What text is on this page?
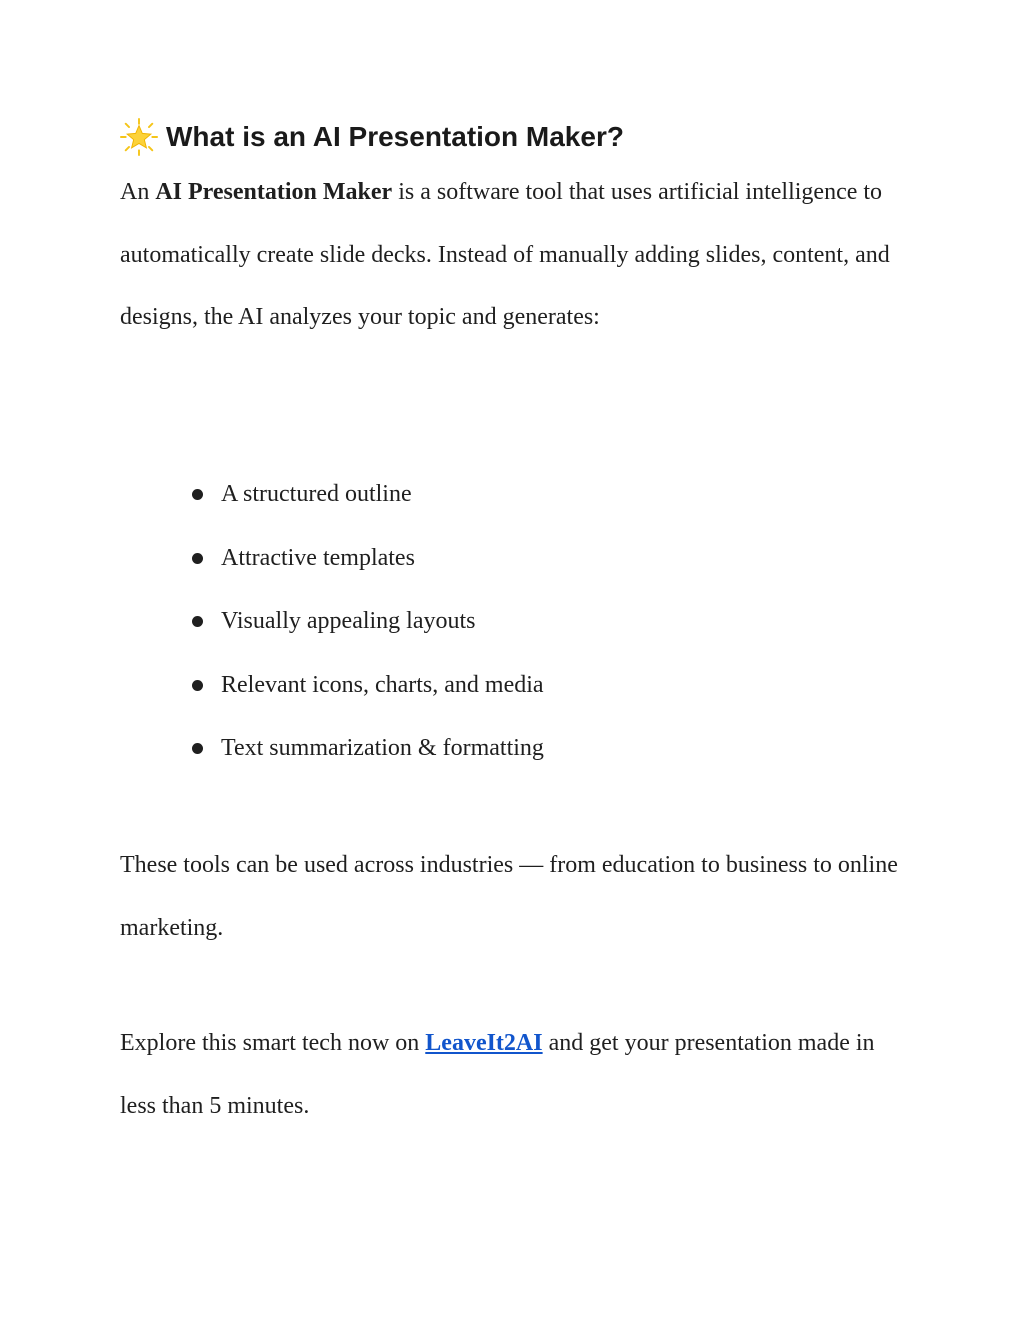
What is an AI Presentation Maker?

An AI Presentation Maker is a software tool that uses artificial intelligence to automatically create slide decks. Instead of manually adding slides, content, and designs, the AI analyzes your topic and generates:

A structured outline
Attractive templates
Visually appealing layouts
Relevant icons, charts, and media
Text summarization & formatting

These tools can be used across industries — from education to business to online marketing.

Explore this smart tech now on LeaveIt2AI and get your presentation made in less than 5 minutes.
